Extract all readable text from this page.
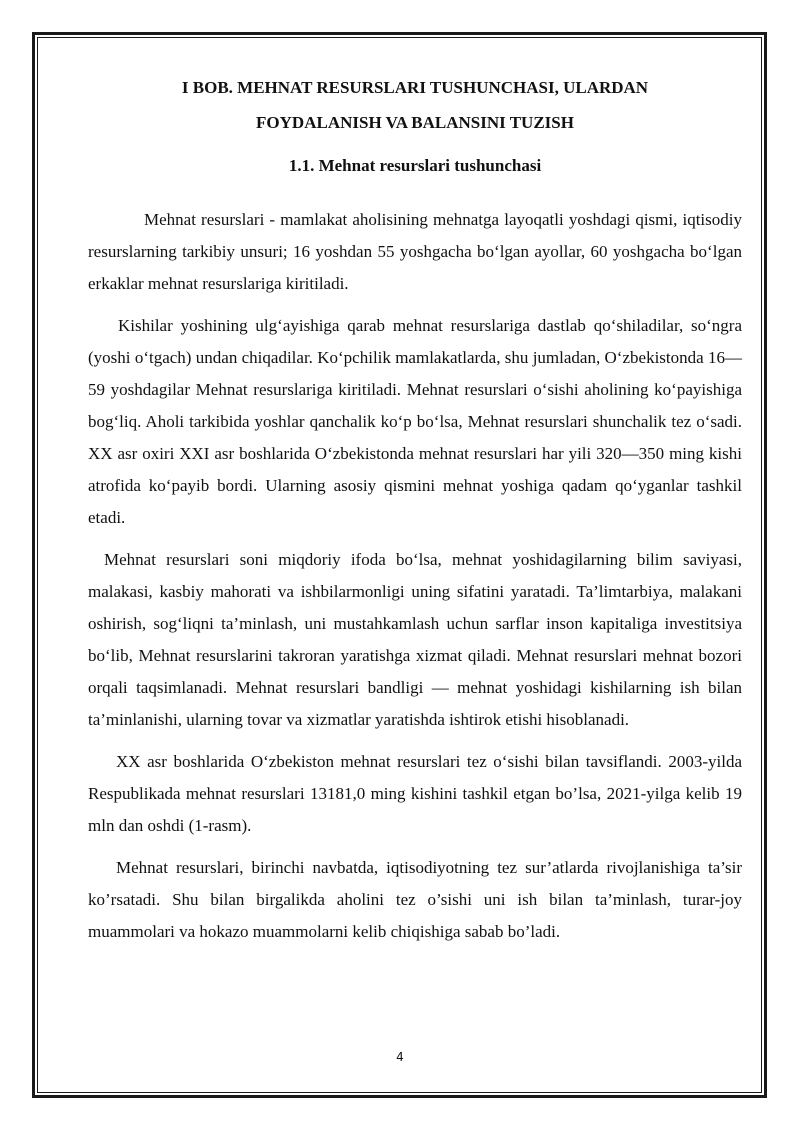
I BOB. MEHNAT RESURSLARI TUSHUNCHASI, ULARDAN
FOYDALANISH VA BALANSINI TUZISH
1.1. Mehnat resurslari tushunchasi

Mehnat resurslari - mamlakat aholisining mehnatga layoqatli yoshdagi qismi, iqtisodiy resurslarning tarkibiy unsuri; 16 yoshdan 55 yoshgacha bo‘lgan ayollar, 60 yoshgacha bo‘lgan erkaklar mehnat resurslariga kiritiladi.

Kishilar yoshining ulg‘ayishiga qarab mehnat resurslariga dastlab qo‘shiladilar, so‘ngra (yoshi o‘tgach) undan chiqadilar. Ko‘pchilik mamlakatlarda, shu jumladan, O‘zbekistonda 16—59 yoshdagilar Mehnat resurslariga kiritiladi. Mehnat resurslari o‘sishi aholining ko‘payishiga bog‘liq. Aholi tarkibida yoshlar qanchalik ko‘p bo‘lsa, Mehnat resurslari shunchalik tez o‘sadi. XX asr oxiri XXI asr boshlarida O‘zbekistonda mehnat resurslari har yili 320—350 ming kishi atrofida ko‘payib bordi. Ularning asosiy qismini mehnat yoshiga qadam qo‘yganlar tashkil etadi.

Mehnat resurslari soni miqdoriy ifoda bo‘lsa, mehnat yoshidagilarning bilim saviyasi, malakasi, kasbiy mahorati va ishbilarmonligi uning sifatini yaratadi. Ta’limtarbiya, malakani oshirish, sog‘liqni ta’minlash, uni mustahkamlash uchun sarflar inson kapitaliga investitsiya bo‘lib, Mehnat resurslarini takroran yaratishga xizmat qiladi. Mehnat resurslari mehnat bozori orqali taqsimlanadi. Mehnat resurslari bandligi — mehnat yoshidagi kishilarning ish bilan ta’minlanishi, ularning tovar va xizmatlar yaratishda ishtirok etishi hisoblanadi.

XX asr boshlarida O‘zbekiston mehnat resurslari tez o‘sishi bilan tavsiflandi. 2003-yilda Respublikada mehnat resurslari 13181,0 ming kishini tashkil etgan bo’lsa, 2021-yilga kelib 19 mln dan oshdi (1-rasm).

Mehnat resurslari, birinchi navbatda, iqtisodiyotning tez sur’atlarda rivojlanishiga ta’sir ko’rsatadi. Shu bilan birgalikda aholini tez o’sishi uni ish bilan ta’minlash, turar-joy muammolari va hokazo muammolarni kelib chiqishiga sabab bo’ladi.

4
